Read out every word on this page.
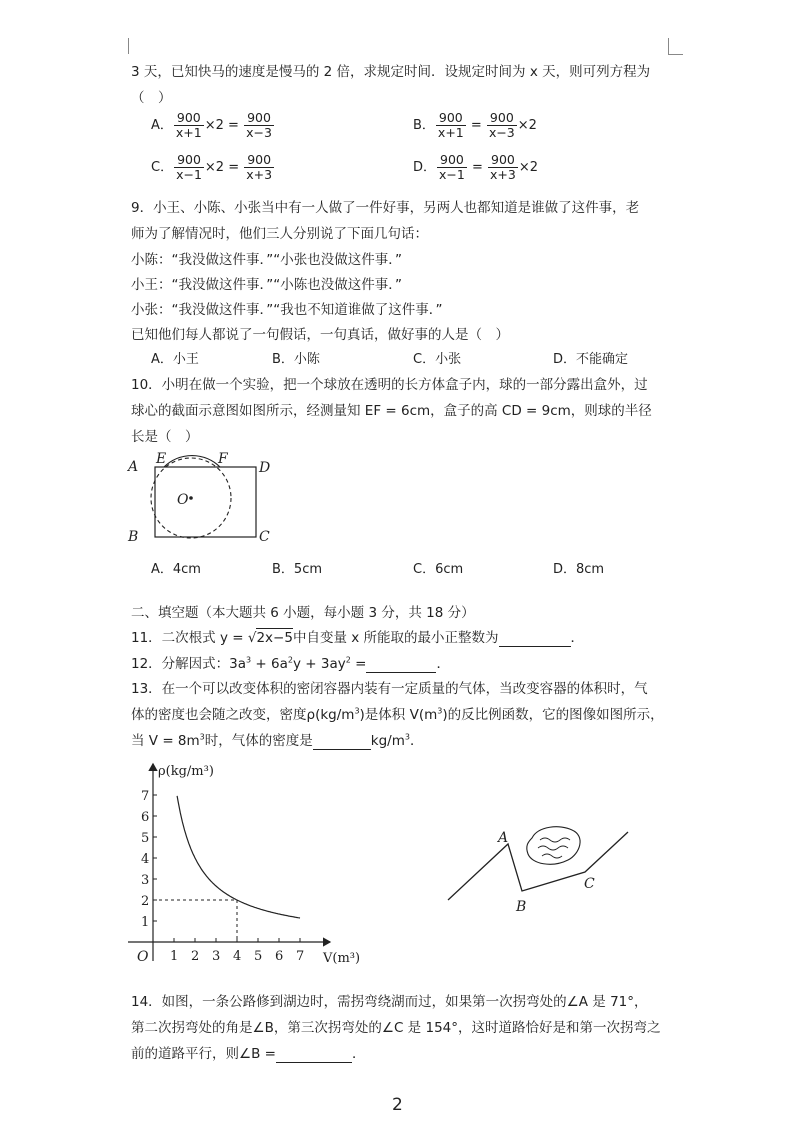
3 天，已知快马的速度是慢马的 2 倍，求规定时间．设规定时间为 x 天，则可列方程为
（　）
A． $\frac{900}{x+1} \times 2 = \frac{900}{x-3}$	B． $\frac{900}{x+1} = \frac{900}{x-3} \times 2$
C． $\frac{900}{x-1} \times 2 = \frac{900}{x+3}$	D． $\frac{900}{x-1} = \frac{900}{x+3} \times 2$
9．小王、小陈、小张当中有一人做了一件好事，另两人也都知道是谁做了这件事，老
师为了解情况时，他们三人分别说了下面几句话：
小陈：“我没做这件事．”“小张也没做这件事．”
小王：“我没做这件事．”“小陈也没做这件事．”
小张：“我没做这件事．”“我也不知道谁做了这件事．”
已知他们每人都说了一句假话，一句真话，做好事的人是（　）
A．小王	B．小陈	C．小张	D．不能确定
10．小明在做一个实验，把一个球放在透明的长方体盒子内，球的一部分露出盒外，过
球心的截面示意图如图所示，经测量知 EF = 6cm，盒子的高 CD = 9cm，则球的半径
长是（　）
A E	F
D
O
B	C
A．4cm	B．5cm	C．6cm	D．8cm
二、填空题（本大题共 6 小题，每小题 3 分，共 18 分）
11．二次根式 y = √2x−5中自变量 x 所能取的最小正整数为	．
12．分解因式：$3a^3 + 6a^2y + 3ay^2$ =	．
13．在一个可以改变体积的密闭容器内装有一定质量的气体，当改变容器的体积时，气
体的密度也会随之改变，密度$\rho(kg/m^3)$是体积 $V(m^3)$的反比例函数，它的图像如图所示，
当 $V = 8m^3$时，气体的密度是	$kg/m^3$．
1 2 3 4 5 6 7
1
2
3
4
5
6
7
ρ(kg/m³)
V(m³)
O
A
B
C
14．如图，一条公路修到湖边时，需拐弯绕湖而过，如果第一次拐弯处的∠A 是 71°，
第二次拐弯处的角是∠B，第三次拐弯处的∠C 是 154°，这时道路恰好是和第一次拐弯之
前的道路平行，则∠B =	．
2
